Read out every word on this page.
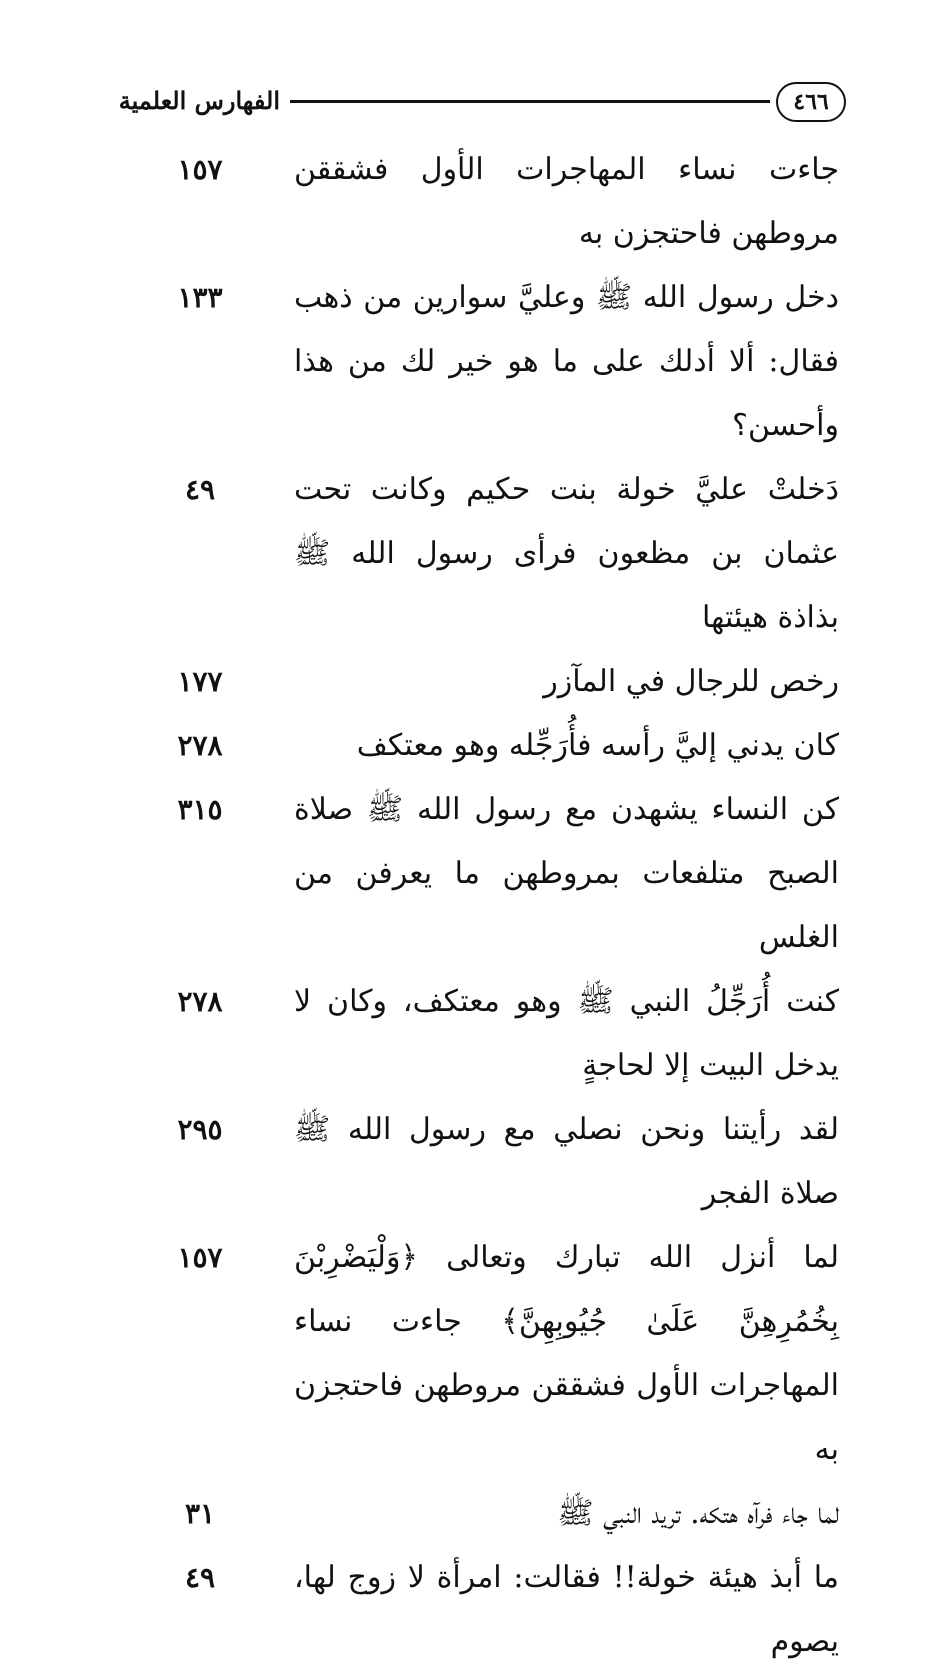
٤٦٦
الفهارس العلمية
جاءت نساء المهاجرات الأول فشققن مروطهن فاحتجزن به
١٥٧
دخل رسول الله ﷺ وعليَّ سوارين من ذهب فقال: ألا أدلك على ما هو خير لك من هذا وأحسن؟
١٣٣
دَخلتْ عليَّ خولة بنت حكيم وكانت تحت عثمان بن مظعون فرأى رسول الله ﷺ بذاذة هيئتها
٤٩
رخص للرجال في المآزر
١٧٧
كان يدني إليَّ رأسه فأُرَجِّله وهو معتكف
٢٧٨
كن النساء يشهدن مع رسول الله ﷺ صلاة الصبح متلفعات بمروطهن ما يعرفن من الغلس
٣١٥
كنت أُرَجِّلُ النبي ﷺ وهو معتكف، وكان لا يدخل البيت إلا لحاجةٍ
٢٧٨
لقد رأيتنا ونحن نصلي مع رسول الله ﷺ صلاة الفجر
٢٩٥
لما أنزل الله تبارك وتعالى ﴿وَلْيَضْرِبْنَ بِخُمُرِهِنَّ عَلَىٰ جُيُوبِهِنَّ﴾ جاءت نساء المهاجرات الأول فشققن مروطهن فاحتجزن به
١٥٧
لما جاء فرآه هتكه. تريد النبي ﷺ
٣١
ما أبذ هيئة خولة!! فقالت: امرأة لا زوج لها، يصوم
٤٩
